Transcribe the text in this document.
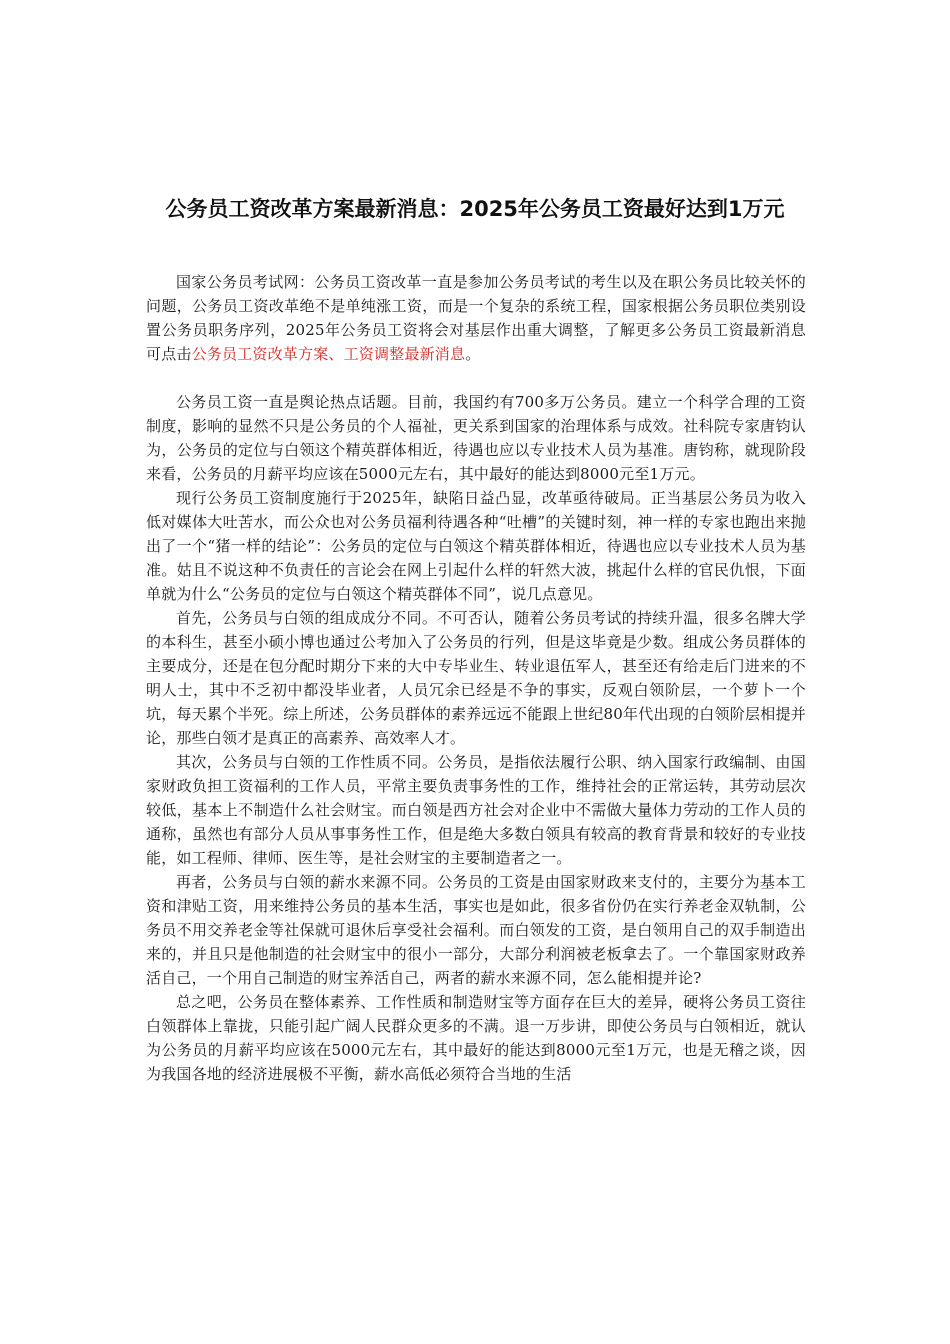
公务员工资改革方案最新消息：2025年公务员工资最好达到1万元

国家公务员考试网：公务员工资改革一直是参加公务员考试的考生以及在职公务员比较关怀的问题，公务员工资改革绝不是单纯涨工资，而是一个复杂的系统工程，国家根据公务员职位类别设置公务员职务序列，2025年公务员工资将会对基层作出重大调整，了解更多公务员工资最新消息可点击公务员工资改革方案、工资调整最新消息。

公务员工资一直是舆论热点话题。目前，我国约有700多万公务员。建立一个科学合理的工资制度，影响的显然不只是公务员的个人福祉，更关系到国家的治理体系与成效。社科院专家唐钧认为，公务员的定位与白领这个精英群体相近，待遇也应以专业技术人员为基准。唐钧称，就现阶段来看，公务员的月薪平均应该在5000元左右，其中最好的能达到8000元至1万元。

现行公务员工资制度施行于2025年，缺陷日益凸显，改革亟待破局。正当基层公务员为收入低对媒体大吐苦水，而公众也对公务员福利待遇各种“吐槽”的关键时刻，神一样的专家也跑出来抛出了一个“猪一样的结论”：公务员的定位与白领这个精英群体相近，待遇也应以专业技术人员为基准。姑且不说这种不负责任的言论会在网上引起什么样的轩然大波，挑起什么样的官民仇恨，下面单就为什么“公务员的定位与白领这个精英群体不同”，说几点意见。

首先，公务员与白领的组成成分不同。不可否认，随着公务员考试的持续升温，很多名牌大学的本科生，甚至小硕小博也通过公考加入了公务员的行列，但是这毕竟是少数。组成公务员群体的主要成分，还是在包分配时期分下来的大中专毕业生、转业退伍军人，甚至还有给走后门进来的不明人士，其中不乏初中都没毕业者，人员冗余已经是不争的事实，反观白领阶层，一个萝卜一个坑，每天累个半死。综上所述，公务员群体的素养远远不能跟上世纪80年代出现的白领阶层相提并论，那些白领才是真正的高素养、高效率人才。

其次，公务员与白领的工作性质不同。公务员，是指依法履行公职、纳入国家行政编制、由国家财政负担工资福利的工作人员，平常主要负责事务性的工作，维持社会的正常运转，其劳动层次较低，基本上不制造什么社会财宝。而白领是西方社会对企业中不需做大量体力劳动的工作人员的通称，虽然也有部分人员从事事务性工作，但是绝大多数白领具有较高的教育背景和较好的专业技能，如工程师、律师、医生等，是社会财宝的主要制造者之一。

再者，公务员与白领的薪水来源不同。公务员的工资是由国家财政来支付的，主要分为基本工资和津贴工资，用来维持公务员的基本生活，事实也是如此，很多省份仍在实行养老金双轨制，公务员不用交养老金等社保就可退休后享受社会福利。而白领发的工资，是白领用自己的双手制造出来的，并且只是他制造的社会财宝中的很小一部分，大部分利润被老板拿去了。一个靠国家财政养活自己，一个用自己制造的财宝养活自己，两者的薪水来源不同，怎么能相提并论?

总之吧，公务员在整体素养、工作性质和制造财宝等方面存在巨大的差异，硬将公务员工资往白领群体上靠拢，只能引起广阔人民群众更多的不满。退一万步讲，即使公务员与白领相近，就认为公务员的月薪平均应该在5000元左右，其中最好的能达到8000元至1万元，也是无稽之谈，因为我国各地的经济进展极不平衡，薪水高低必须符合当地的生活
